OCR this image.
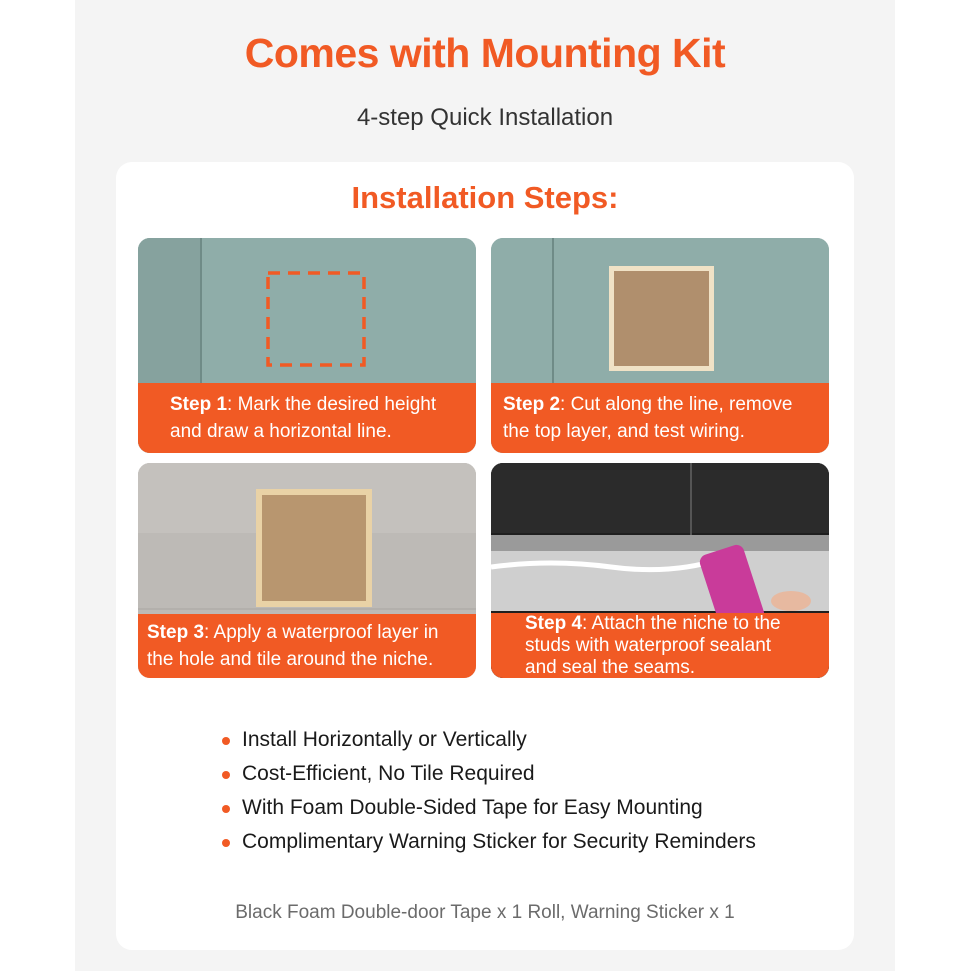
Comes with Mounting Kit
4-step Quick Installation
Installation Steps:
Step 1: Mark the desired height
and draw a horizontal line.
Step 2: Cut along the line, remove
the top layer, and test wiring.
Step 3: Apply a waterproof layer in
the hole and tile around the niche.
Step 4: Attach the niche to the
studs with waterproof sealant
and seal the seams.
Install Horizontally or Vertically
Cost-Efficient, No Tile Required
With Foam Double-Sided Tape for Easy Mounting
Complimentary Warning Sticker for Security Reminders
Black Foam Double-door Tape x 1 Roll, Warning Sticker x 1
